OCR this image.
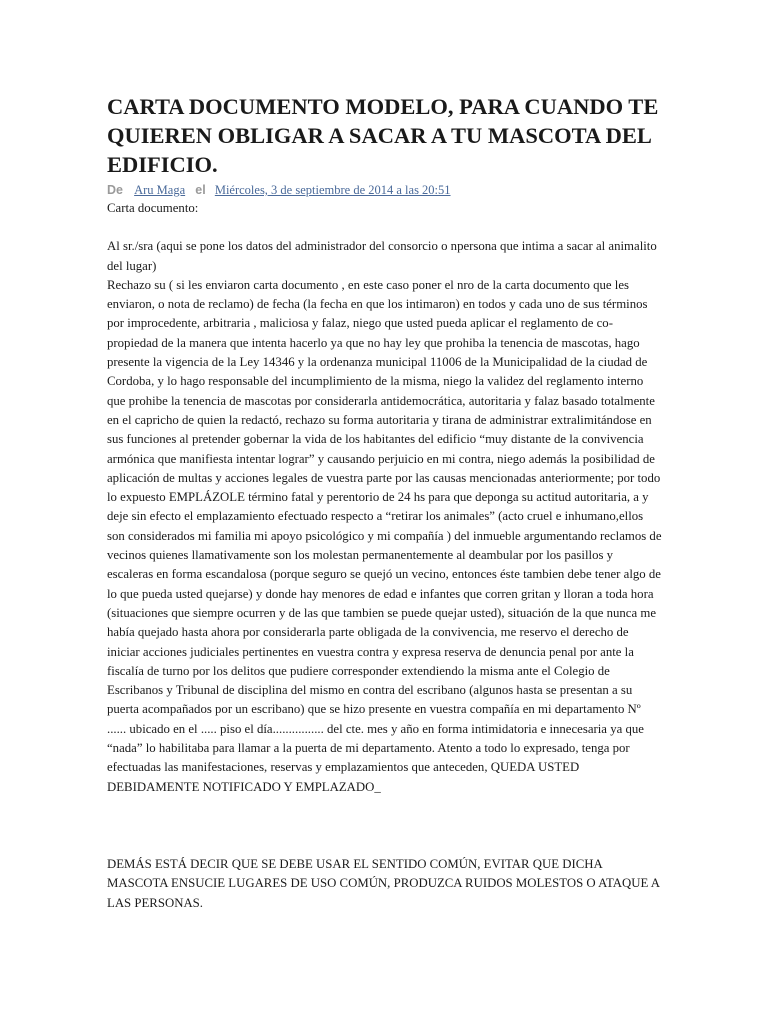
CARTA DOCUMENTO MODELO, PARA CUANDO TE QUIEREN OBLIGAR A SACAR A TU MASCOTA DEL EDIFICIO.
De Aru Maga el Miércoles, 3 de septiembre de 2014 a las 20:51

Carta documento:

Al sr./sra (aqui se pone los datos del administrador del consorcio o npersona que intima a sacar al animalito del lugar)

Rechazo su ( si les enviaron carta documento , en este caso poner el nro de la carta documento que les enviaron, o nota de reclamo) de fecha (la fecha en que los intimaron) en todos y cada uno de sus términos por improcedente, arbitraria , maliciosa y falaz, niego que usted pueda aplicar el reglamento de co-propiedad de la manera que intenta hacerlo ya que no hay ley que prohiba la tenencia de mascotas, hago presente la vigencia de la Ley 14346 y la ordenanza municipal 11006 de la Municipalidad de la ciudad de Cordoba, y lo hago responsable del incumplimiento de la misma, niego la validez del reglamento interno que prohibe la tenencia de mascotas por considerarla antidemocrática, autoritaria y falaz basado totalmente en el capricho de quien la redactó, rechazo su forma autoritaria y tirana de administrar extralimitándose en sus funciones al pretender gobernar la vida de los habitantes del edificio “muy distante de la convivencia armónica que manifiesta intentar lograr” y causando perjuicio en mi contra, niego además la posibilidad de aplicación de multas y acciones legales de vuestra parte por las causas mencionadas anteriormente; por todo lo expuesto EMPLÁZOLE término fatal y perentorio de 24 hs para que deponga su actitud autoritaria, a y deje sin efecto el emplazamiento efectuado respecto a “retirar los animales” (acto cruel e inhumano,ellos son considerados mi familia mi apoyo psicológico y mi compañía ) del inmueble argumentando reclamos de vecinos quienes llamativamente son los molestan permanentemente al deambular por los pasillos y escaleras en forma escandalosa (porque seguro se quejó un vecino, entonces éste tambien debe tener algo de lo que pueda usted quejarse) y donde hay menores de edad e infantes que corren gritan y lloran a toda hora (situaciones que siempre ocurren y de las que tambien se puede quejar usted), situación de la que nunca me había quejado hasta ahora por considerarla parte obligada de la convivencia, me reservo el derecho de iniciar acciones judiciales pertinentes en vuestra contra y expresa reserva de denuncia penal por ante la fiscalía de turno por los delitos que pudiere corresponder extendiendo la misma ante el Colegio de Escribanos y Tribunal de disciplina del mismo en contra del escribano (algunos hasta se presentan a su puerta acompañados por un escribano) que se hizo presente en vuestra compañía en mi departamento Nº ...... ubicado en el ..... piso el día................ del cte. mes y año en forma intimidatoria e innecesaria ya que “nada” lo habilitaba para llamar a la puerta de mi departamento. Atento a todo lo expresado, tenga por efectuadas las manifestaciones, reservas y emplazamientos que anteceden, QUEDA USTED DEBIDAMENTE NOTIFICADO Y EMPLAZADO_

DEMÁS ESTÁ DECIR QUE SE DEBE USAR EL SENTIDO COMÚN, EVITAR QUE DICHA MASCOTA ENSUCIE LUGARES DE USO COMÚN, PRODUZCA RUIDOS MOLESTOS O ATAQUE A LAS PERSONAS.
